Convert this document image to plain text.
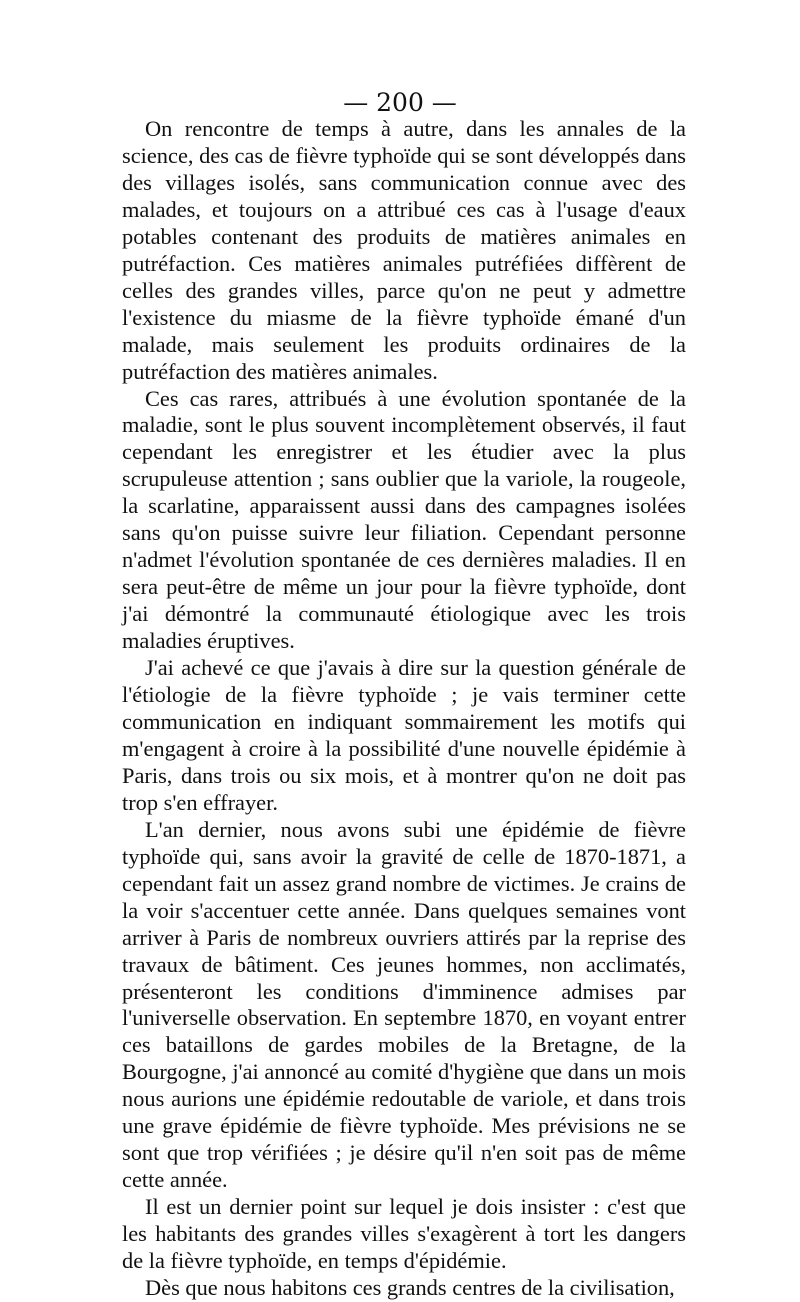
— 200 —

On rencontre de temps à autre, dans les annales de la science, des cas de fièvre typhoïde qui se sont développés dans des villages isolés, sans communication connue avec des malades, et toujours on a attribué ces cas à l'usage d'eaux potables contenant des produits de matières animales en putréfaction. Ces matières animales putréfiées diffèrent de celles des grandes villes, parce qu'on ne peut y admettre l'existence du miasme de la fièvre typhoïde émané d'un malade, mais seulement les produits ordinaires de la putréfaction des matières animales.

Ces cas rares, attribués à une évolution spontanée de la maladie, sont le plus souvent incomplètement observés, il faut cependant les enregistrer et les étudier avec la plus scrupuleuse attention ; sans oublier que la variole, la rougeole, la scarlatine, apparaissent aussi dans des campagnes isolées sans qu'on puisse suivre leur filiation. Cependant personne n'admet l'évolution spontanée de ces dernières maladies. Il en sera peut-être de même un jour pour la fièvre typhoïde, dont j'ai démontré la communauté étiologique avec les trois maladies éruptives.

J'ai achevé ce que j'avais à dire sur la question générale de l'étiologie de la fièvre typhoïde ; je vais terminer cette communication en indiquant sommairement les motifs qui m'engagent à croire à la possibilité d'une nouvelle épidémie à Paris, dans trois ou six mois, et à montrer qu'on ne doit pas trop s'en effrayer.

L'an dernier, nous avons subi une épidémie de fièvre typhoïde qui, sans avoir la gravité de celle de 1870-1871, a cependant fait un assez grand nombre de victimes. Je crains de la voir s'accentuer cette année. Dans quelques semaines vont arriver à Paris de nombreux ouvriers attirés par la reprise des travaux de bâtiment. Ces jeunes hommes, non acclimatés, présenteront les conditions d'imminence admises par l'universelle observation. En septembre 1870, en voyant entrer ces bataillons de gardes mobiles de la Bretagne, de la Bourgogne, j'ai annoncé au comité d'hygiène que dans un mois nous aurions une épidémie redoutable de variole, et dans trois une grave épidémie de fièvre typhoïde. Mes prévisions ne se sont que trop vérifiées ; je désire qu'il n'en soit pas de même cette année.

Il est un dernier point sur lequel je dois insister : c'est que les habitants des grandes villes s'exagèrent à tort les dangers de la fièvre typhoïde, en temps d'épidémie.

Dès que nous habitons ces grands centres de la civilisation,
